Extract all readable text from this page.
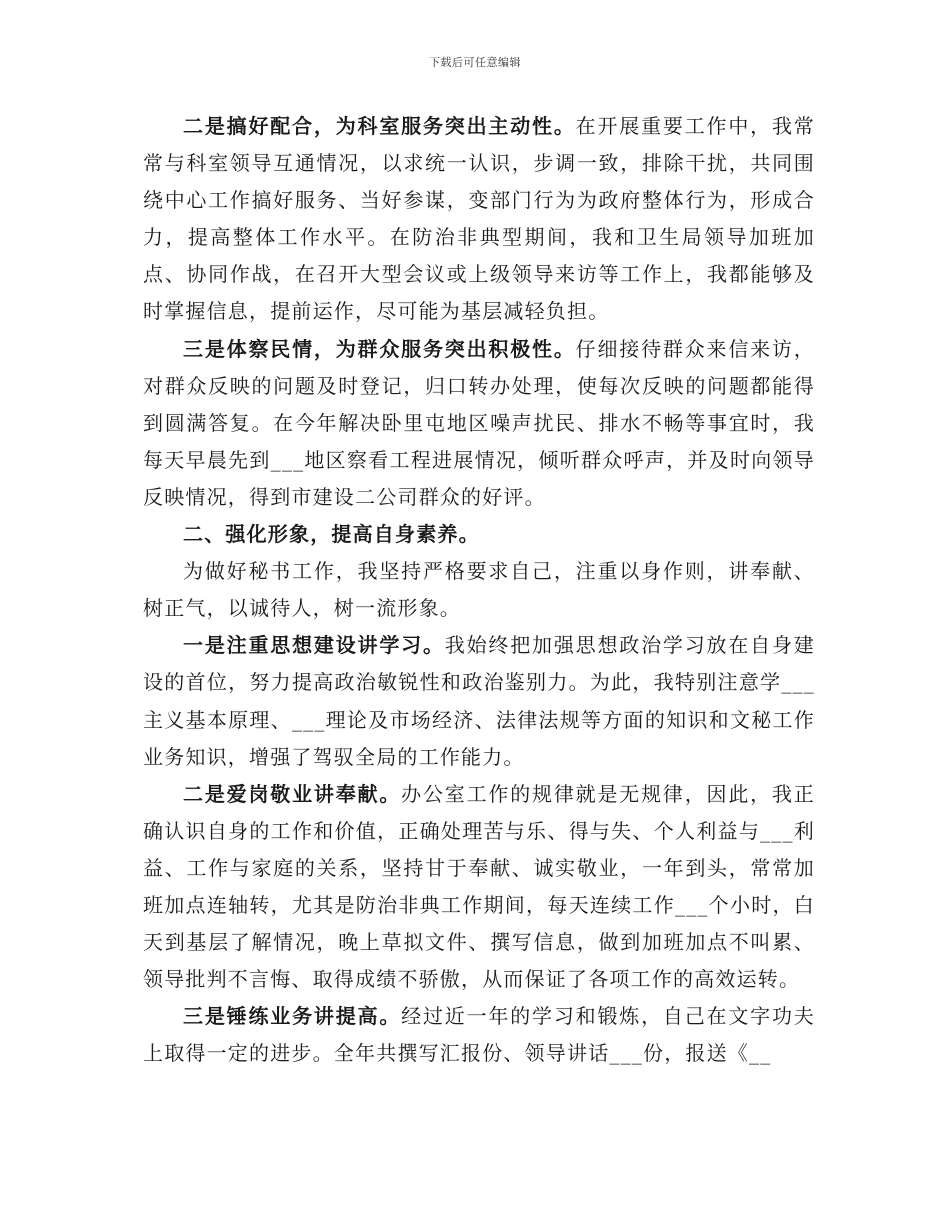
下载后可任意编辑

二是搞好配合，为科室服务突出主动性。在开展重要工作中，我常常与科室领导互通情况，以求统一认识，步调一致，排除干扰，共同围绕中心工作搞好服务、当好参谋，变部门行为为政府整体行为，形成合力，提高整体工作水平。在防治非典型期间，我和卫生局领导加班加点、协同作战，在召开大型会议或上级领导来访等工作上，我都能够及时掌握信息，提前运作，尽可能为基层减轻负担。

三是体察民情，为群众服务突出积极性。仔细接待群众来信来访，对群众反映的问题及时登记，归口转办处理，使每次反映的问题都能得到圆满答复。在今年解决卧里屯地区噪声扰民、排水不畅等事宜时，我每天早晨先到___地区察看工程进展情况，倾听群众呼声，并及时向领导反映情况，得到市建设二公司群众的好评。

二、强化形象，提高自身素养。

为做好秘书工作，我坚持严格要求自己，注重以身作则，讲奉献、树正气，以诚待人，树一流形象。

一是注重思想建设讲学习。我始终把加强思想政治学习放在自身建设的首位，努力提高政治敏锐性和政治鉴别力。为此，我特别注意学___主义基本原理、___理论及市场经济、法律法规等方面的知识和文秘工作业务知识，增强了驾驭全局的工作能力。

二是爱岗敬业讲奉献。办公室工作的规律就是无规律，因此，我正确认识自身的工作和价值，正确处理苦与乐、得与失、个人利益与___利益、工作与家庭的关系，坚持甘于奉献、诚实敬业，一年到头，常常加班加点连轴转，尤其是防治非典工作期间，每天连续工作___个小时，白天到基层了解情况，晚上草拟文件、撰写信息，做到加班加点不叫累、领导批判不言悔、取得成绩不骄傲，从而保证了各项工作的高效运转。

三是锤练业务讲提高。经过近一年的学习和锻炼，自己在文字功夫上取得一定的进步。全年共撰写汇报份、领导讲话___份，报送《__
